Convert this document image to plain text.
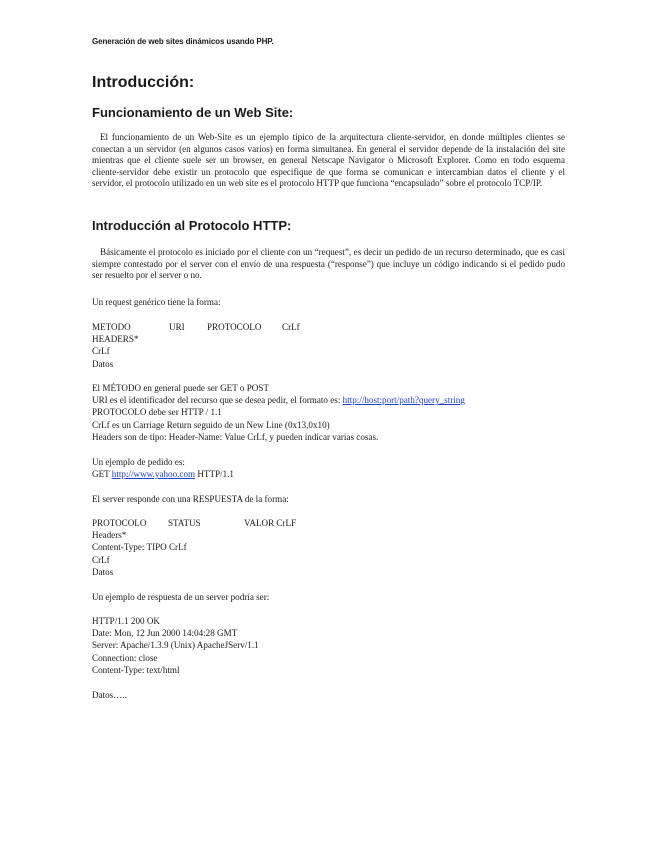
Generación de web sites dinámicos usando PHP.
Introducción:
Funcionamiento de un Web Site:

El funcionamiento de un Web-Site es un ejemplo típico de la arquitectura cliente-servidor, en donde múltiples clientes se conectan a un servidor (en algunos casos varios) en forma simultanea. En general el servidor depende de la instalación del site mientras que el cliente suele ser un browser, en general Netscape Navigator o Microsoft Explorer. Como en todo esquema cliente-servidor debe existir un protocolo que especifique de que forma se comunican e intercambian datos el cliente y el servidor, el protocolo utilizado en un web site es el protocolo HTTP que funciona “encapsulado” sobre el protocolo TCP/IP.

Introducción al Protocolo HTTP:

Básicamente el protocolo es iniciado por el cliente con un “request”, es decir un pedido de un recurso determinado, que es casi siempre contestado por el server con el envío de una respuesta (“response”) que incluye un código indicando si el pedido pudo ser resuelto por el server o no.

Un request genérico tiene la forma:
METODO	URI PROTOCOLO CrLf
HEADERS*
CrLf
Datos
El MÉTODO en general puede ser GET o POST
URI es el identificador del recurso que se desea pedir, el formato es: http://host:port/path?query_string
PROTOCOLO debe ser HTTP / 1.1
CrLf es un Carriage Return seguido de un New Line (0x13,0x10)
Headers son de tipo: Header-Name: Value CrLf, y pueden indicar varias cosas.
Un ejemplo de pedido es:
GET http://www.yahoo.com HTTP/1.1
El server responde con una RESPUESTA de la forma:
PROTOCOLO STATUS	VALOR CrLF
Headers*
Content-Type: TIPO CrLf
CrLf
Datos
Un ejemplo de respuesta de un server podría ser:
HTTP/1.1 200 OK
Date: Mon, 12 Jun 2000 14:04:28 GMT
Server: Apache/1.3.9 (Unix) ApacheJServ/1.1
Connection: close
Content-Type: text/html
Datos…..
